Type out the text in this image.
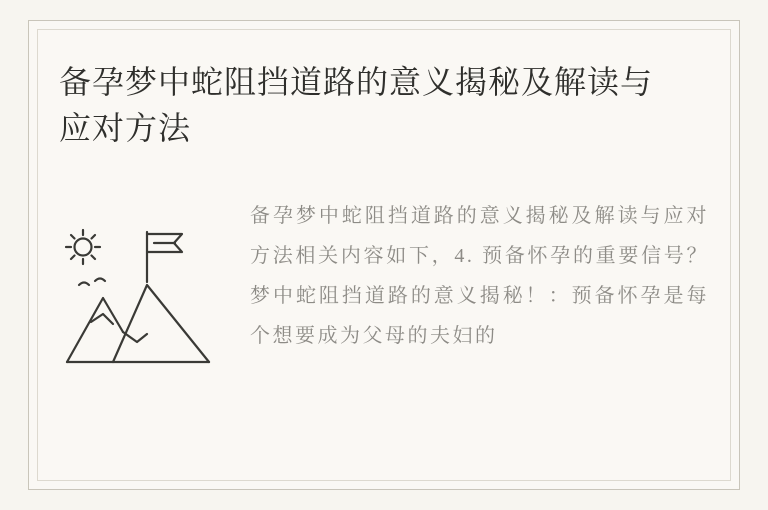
备孕梦中蛇阻挡道路的意义揭秘及解读与应对方法
备孕梦中蛇阻挡道路的意义揭秘及解读与应对方法相关内容如下，4. 预备怀孕的重要信号？梦中蛇阻挡道路的意义揭秘！：预备怀孕是每个想要成为父母的夫妇的
